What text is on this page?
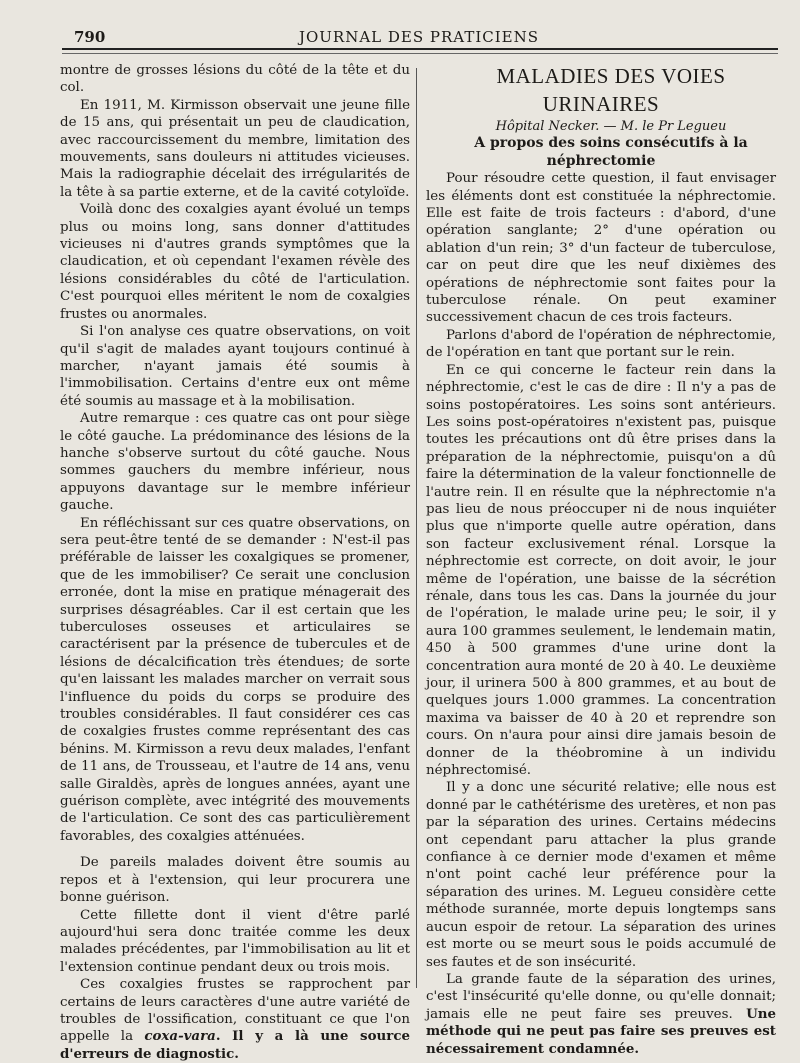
790	JOURNAL DES PRATICIENS

montre de grosses lésions du côté de la tête et du col.

En 1911, M. Kirmisson observait une jeune fille de 15 ans, qui présentait un peu de claudication, avec raccourcissement du membre, limitation des mouvements, sans douleurs ni attitudes vicieuses. Mais la radiographie décelait des irrégularités de la tête à sa partie externe, et de la cavité cotyloïde.

Voilà donc des coxalgies ayant évolué un temps plus ou moins long, sans donner d'attitudes vicieuses ni d'autres grands symptômes que la claudication, et où cependant l'examen révèle des lésions considérables du côté de l'articulation. C'est pourquoi elles méritent le nom de coxalgies frustes ou anormales.

Si l'on analyse ces quatre observations, on voit qu'il s'agit de malades ayant toujours continué à marcher, n'ayant jamais été soumis à l'immobilisation. Certains d'entre eux ont même été soumis au massage et à la mobilisation.

Autre remarque : ces quatre cas ont pour siège le côté gauche. La prédominance des lésions de la hanche s'observe surtout du côté gauche. Nous sommes gauchers du membre inférieur, nous appuyons davantage sur le membre inférieur gauche.

En réfléchissant sur ces quatre observations, on sera peut-être tenté de se demander : N'est-il pas préférable de laisser les coxalgiques se promener, que de les immobiliser? Ce serait une conclusion erronée, dont la mise en pratique ménagerait des surprises désagréables. Car il est certain que les tuberculoses osseuses et articulaires se caractérisent par la présence de tubercules et de lésions de décalcification très étendues; de sorte qu'en laissant les malades marcher on verrait sous l'influence du poids du corps se produire des troubles considérables. Il faut considérer ces cas de coxalgies frustes comme représentant des cas bénins. M. Kirmisson a revu deux malades, l'enfant de 11 ans, de Trousseau, et l'autre de 14 ans, venu salle Giraldès, après de longues années, ayant une guérison complète, avec intégrité des mouvements de l'articulation. Ce sont des cas particulièrement favorables, des coxalgies atténuées.

De pareils malades doivent être soumis au repos et à l'extension, qui leur procurera une bonne guérison.

Cette fillette dont il vient d'être parlé aujourd'hui sera donc traitée comme les deux malades précédentes, par l'immobilisation au lit et l'extension continue pendant deux ou trois mois.

Ces coxalgies frustes se rapprochent par certains de leurs caractères d'une autre variété de troubles de l'ossification, constituant ce que l'on appelle la coxa-vara. Il y a là une source d'erreurs de diagnostic.

MALADIES DES VOIES URINAIRES

Hôpital Necker. — M. le Pr Legueu

A propos des soins consécutifs à la néphrectomie

Pour résoudre cette question, il faut envisager les éléments dont est constituée la néphrectomie. Elle est faite de trois facteurs : d'abord, d'une opération sanglante; 2° d'une opération ou ablation d'un rein; 3° d'un facteur de tuberculose, car on peut dire que les neuf dixièmes des opérations de néphrectomie sont faites pour la tuberculose rénale. On peut examiner successivement chacun de ces trois facteurs.

Parlons d'abord de l'opération de néphrectomie, de l'opération en tant que portant sur le rein.

En ce qui concerne le facteur rein dans la néphrectomie, c'est le cas de dire : Il n'y a pas de soins postopératoires. Les soins sont antérieurs. Les soins post-opératoires n'existent pas, puisque toutes les précautions ont dû être prises dans la préparation de la néphrectomie, puisqu'on a dû faire la détermination de la valeur fonctionnelle de l'autre rein. Il en résulte que la néphrectomie n'a pas lieu de nous préoccuper ni de nous inquiéter plus que n'importe quelle autre opération, dans son facteur exclusivement rénal. Lorsque la néphrectomie est correcte, on doit avoir, le jour même de l'opération, une baisse de la sécrétion rénale, dans tous les cas. Dans la journée du jour de l'opération, le malade urine peu; le soir, il y aura 100 grammes seulement, le lendemain matin, 450 à 500 grammes d'une urine dont la concentration aura monté de 20 à 40. Le deuxième jour, il urinera 500 à 800 grammes, et au bout de quelques jours 1.000 grammes. La concentration maxima va baisser de 40 à 20 et reprendre son cours. On n'aura pour ainsi dire jamais besoin de donner de la théobromine à un individu néphrectomisé.

Il y a donc une sécurité relative; elle nous est donné par le cathétérisme des uretères, et non pas par la séparation des urines. Certains médecins ont cependant paru attacher la plus grande confiance à ce dernier mode d'examen et même n'ont point caché leur préférence pour la séparation des urines. M. Legueu considère cette méthode surannée, morte depuis longtemps sans aucun espoir de retour. La séparation des urines est morte ou se meurt sous le poids accumulé de ses fautes et de son insécurité.

La grande faute de la séparation des urines, c'est l'insécurité qu'elle donne, ou qu'elle donnait; jamais elle ne peut faire ses preuves. Une méthode qui ne peut pas faire ses preuves est nécessairement condamnée.
